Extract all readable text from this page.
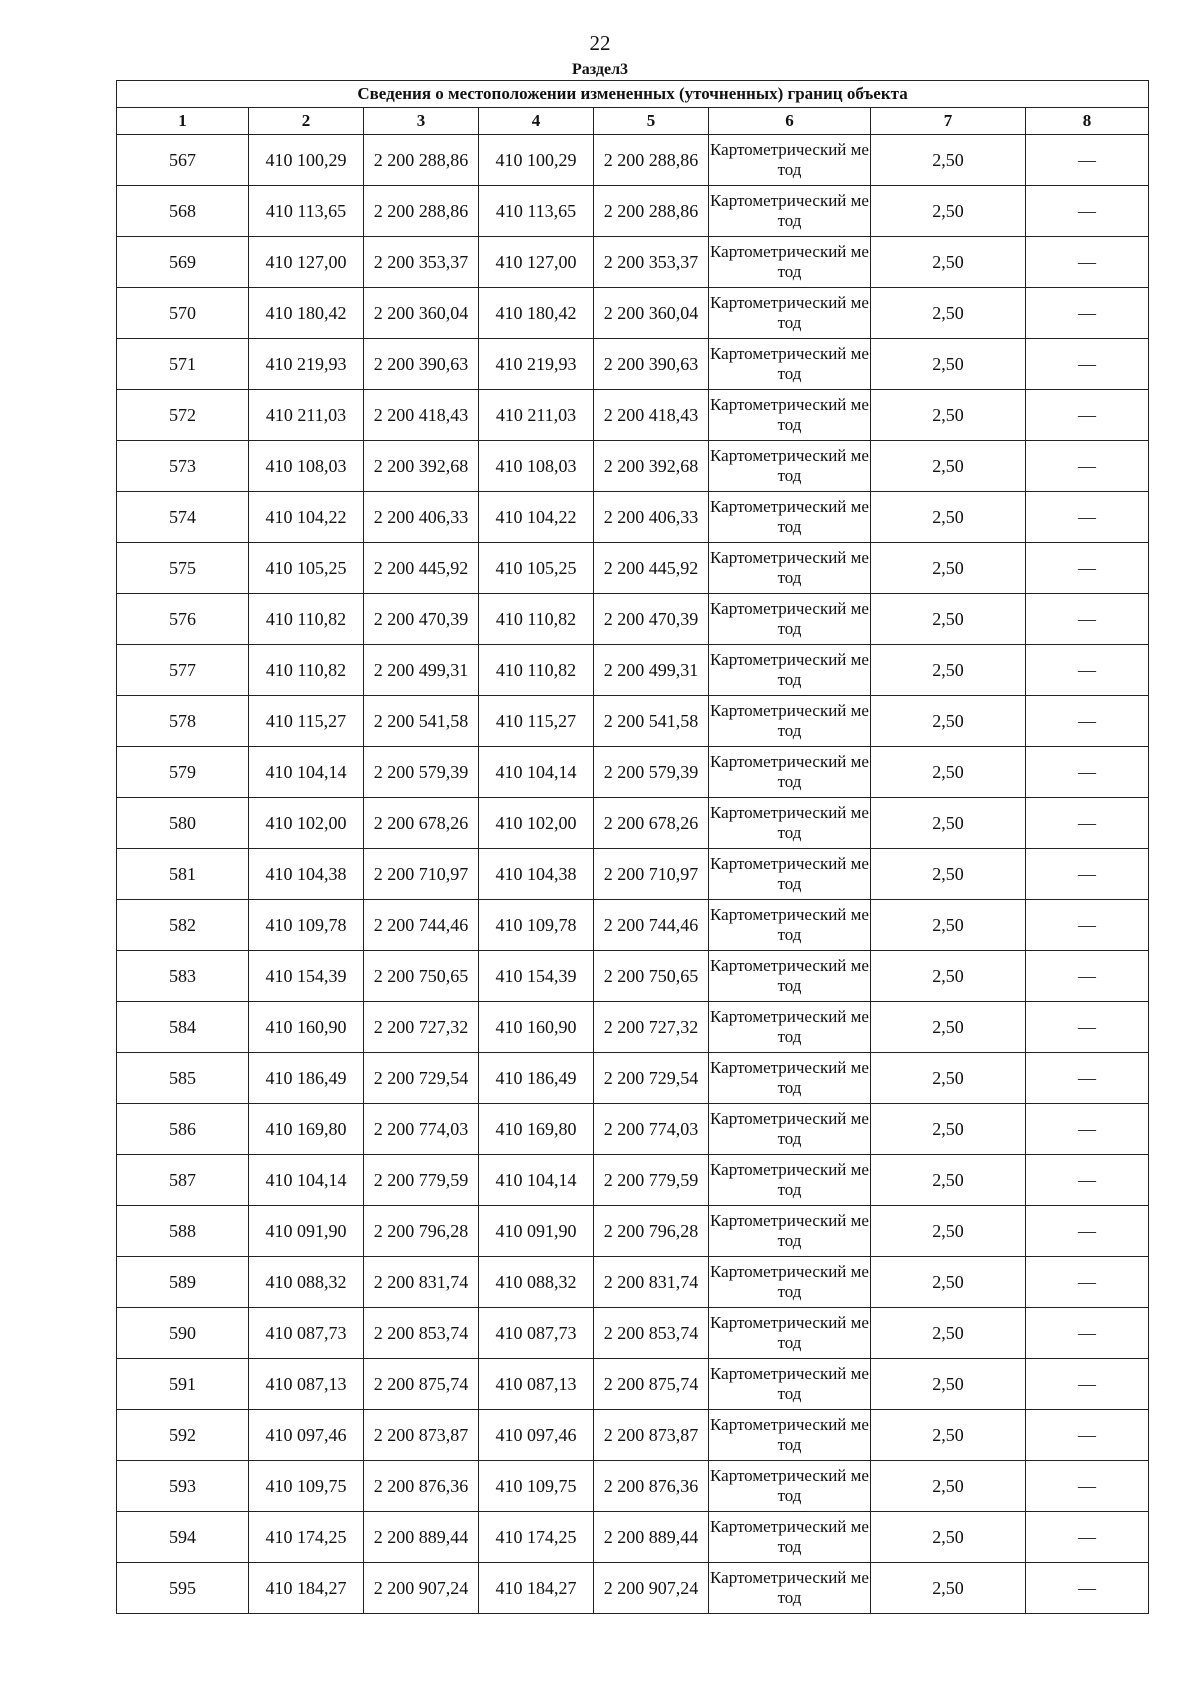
22
Раздел3
Сведения о местоположении измененных (уточненных) границ объекта							
1	2	3	4	5	6	7	8
567	410 100,29	2 200 288,86	410 100,29	2 200 288,86	Картометрический метод	2,50	—
568	410 113,65	2 200 288,86	410 113,65	2 200 288,86	Картометрический метод	2,50	—
569	410 127,00	2 200 353,37	410 127,00	2 200 353,37	Картометрический метод	2,50	—
570	410 180,42	2 200 360,04	410 180,42	2 200 360,04	Картометрический метод	2,50	—
571	410 219,93	2 200 390,63	410 219,93	2 200 390,63	Картометрический метод	2,50	—
572	410 211,03	2 200 418,43	410 211,03	2 200 418,43	Картометрический метод	2,50	—
573	410 108,03	2 200 392,68	410 108,03	2 200 392,68	Картометрический метод	2,50	—
574	410 104,22	2 200 406,33	410 104,22	2 200 406,33	Картометрический метод	2,50	—
575	410 105,25	2 200 445,92	410 105,25	2 200 445,92	Картометрический метод	2,50	—
576	410 110,82	2 200 470,39	410 110,82	2 200 470,39	Картометрический метод	2,50	—
577	410 110,82	2 200 499,31	410 110,82	2 200 499,31	Картометрический метод	2,50	—
578	410 115,27	2 200 541,58	410 115,27	2 200 541,58	Картометрический метод	2,50	—
579	410 104,14	2 200 579,39	410 104,14	2 200 579,39	Картометрический метод	2,50	—
580	410 102,00	2 200 678,26	410 102,00	2 200 678,26	Картометрический метод	2,50	—
581	410 104,38	2 200 710,97	410 104,38	2 200 710,97	Картометрический метод	2,50	—
582	410 109,78	2 200 744,46	410 109,78	2 200 744,46	Картометрический метод	2,50	—
583	410 154,39	2 200 750,65	410 154,39	2 200 750,65	Картометрический метод	2,50	—
584	410 160,90	2 200 727,32	410 160,90	2 200 727,32	Картометрический метод	2,50	—
585	410 186,49	2 200 729,54	410 186,49	2 200 729,54	Картометрический метод	2,50	—
586	410 169,80	2 200 774,03	410 169,80	2 200 774,03	Картометрический метод	2,50	—
587	410 104,14	2 200 779,59	410 104,14	2 200 779,59	Картометрический метод	2,50	—
588	410 091,90	2 200 796,28	410 091,90	2 200 796,28	Картометрический метод	2,50	—
589	410 088,32	2 200 831,74	410 088,32	2 200 831,74	Картометрический метод	2,50	—
590	410 087,73	2 200 853,74	410 087,73	2 200 853,74	Картометрический метод	2,50	—
591	410 087,13	2 200 875,74	410 087,13	2 200 875,74	Картометрический метод	2,50	—
592	410 097,46	2 200 873,87	410 097,46	2 200 873,87	Картометрический метод	2,50	—
593	410 109,75	2 200 876,36	410 109,75	2 200 876,36	Картометрический метод	2,50	—
594	410 174,25	2 200 889,44	410 174,25	2 200 889,44	Картометрический метод	2,50	—
595	410 184,27	2 200 907,24	410 184,27	2 200 907,24	Картометрический метод	2,50	—
